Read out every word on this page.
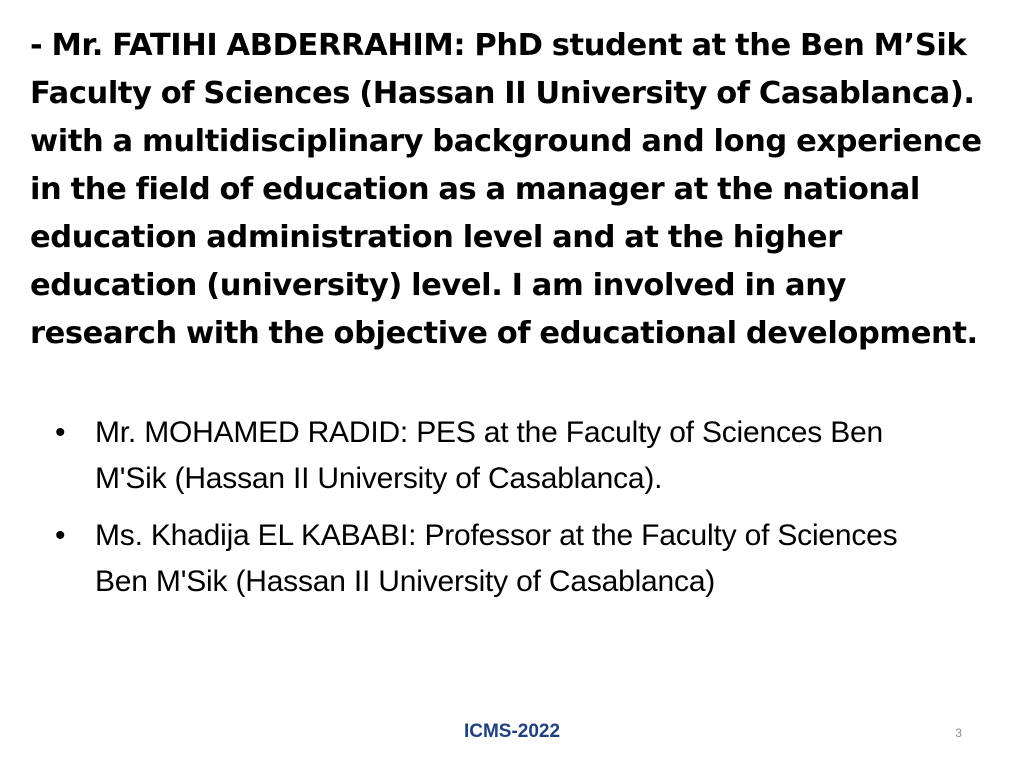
- Mr. FATIHI ABDERRAHIM: PhD student at the Ben M’Sik Faculty of Sciences (Hassan II University of Casablanca). with a multidisciplinary background and long experience in the field of education as a manager at the national education administration level and at the higher education (university) level. I am involved in any research with the objective of educational development.

• Mr. MOHAMED RADID: PES at the Faculty of Sciences Ben M'Sik (Hassan II University of Casablanca).
• Ms. Khadija EL KABABI: Professor at the Faculty of Sciences Ben M'Sik (Hassan II University of Casablanca)
ICMS-2022	3
